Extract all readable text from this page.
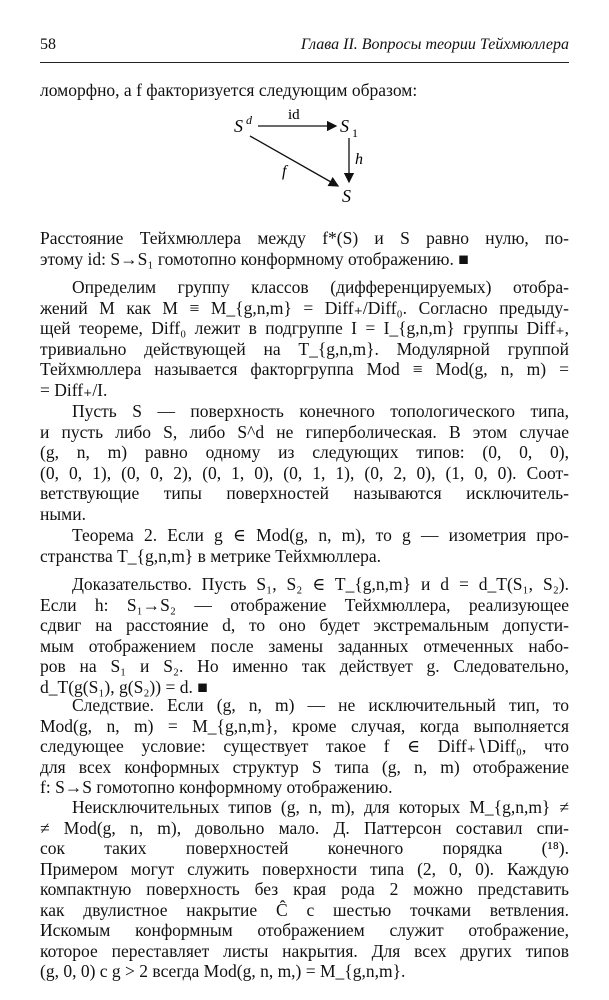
58	Глава II. Вопросы теории Тейхмюллера
ломорфно, а f факторизуется следующим образом:
S d	S 1
S
id
f
h
Расстояние Тейхмюллера между f*(S) и S равно нулю, по-
этому id: S→S₁ гомотопно конформному отображению. ■
Определим группу классов (дифференцируемых) отобра-
жений M как M ≡ M_{g,n,m} = Diff₊/Diff₀. Согласно предыду-
щей теореме, Diff₀ лежит в подгруппе I = I_{g,n,m} группы Diff₊,
тривиально действующей на T_{g,n,m}. Модулярной группой
Тейхмюллера называется факторгруппа Mod ≡ Mod(g, n, m) =
= Diff₊/I.
Пусть S — поверхность конечного топологического типа,
и пусть либо S, либо S^d не гиперболическая. В этом случае
(g, n, m) равно одному из следующих типов: (0, 0, 0),
(0, 0, 1), (0, 0, 2), (0, 1, 0), (0, 1, 1), (0, 2, 0), (1, 0, 0). Соот-
ветствующие типы поверхностей называются исключитель-
ными.
Теорема 2. Если g ∈ Mod(g, n, m), то g — изометрия про-
странства T_{g,n,m} в метрике Тейхмюллера.
Доказательство. Пусть S₁, S₂ ∈ T_{g,n,m} и d = d_T(S₁, S₂).
Если h: S₁→S₂ — отображение Тейхмюллера, реализующее
сдвиг на расстояние d, то оно будет экстремальным допусти-
мым отображением после замены заданных отмеченных набо-
ров на S₁ и S₂. Но именно так действует g. Следовательно,
d_T(g(S₁), g(S₂)) = d. ■
Следствие. Если (g, n, m) — не исключительный тип, то
Mod(g, n, m) = M_{g,n,m}, кроме случая, когда выполняется
следующее условие: существует такое f ∈ Diff₊∖Diff₀, что
для всех конформных структур S типа (g, n, m) отображение
f: S→S гомотопно конформному отображению.
Неисключительных типов (g, n, m), для которых M_{g,n,m} ≠
≠ Mod(g, n, m), довольно мало. Д. Паттерсон составил спи-
сок таких поверхностей конечного порядка (¹⁸).
Примером могут служить поверхности типа (2, 0, 0). Каждую
компактную поверхность без края рода 2 можно представить
как двулистное накрытие Ĉ с шестью точками ветвления.
Искомым конформным отображением служит отображение,
которое переставляет листы накрытия. Для всех других типов
(g, 0, 0) с g > 2 всегда Mod(g, n, m,) = M_{g,n,m}.
